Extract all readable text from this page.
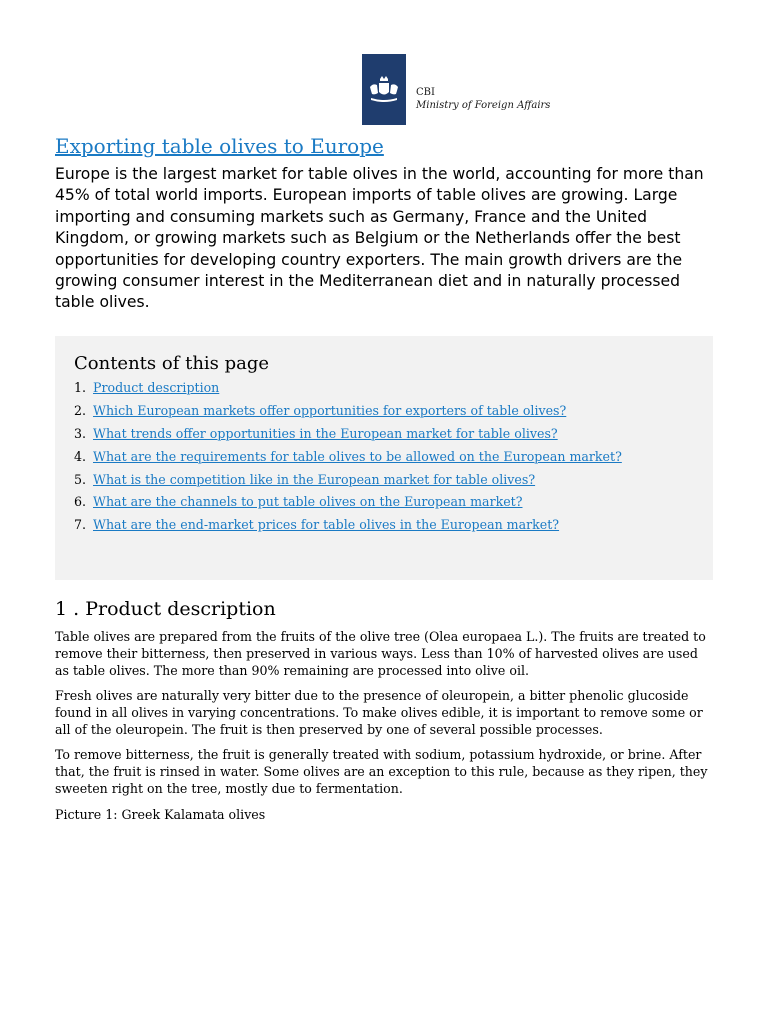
CBI
Ministry of Foreign Affairs
Exporting table olives to Europe

Europe is the largest market for table olives in the world, accounting for more than 45% of total world imports. European imports of table olives are growing. Large importing and consuming markets such as Germany, France and the United Kingdom, or growing markets such as Belgium or the Netherlands offer the best opportunities for developing country exporters. The main growth drivers are the growing consumer interest in the Mediterranean diet and in naturally processed table olives.

Contents of this page
1. Product description
2. Which European markets offer opportunities for exporters of table olives?
3. What trends offer opportunities in the European market for table olives?
4. What are the requirements for table olives to be allowed on the European market?
5. What is the competition like in the European market for table olives?
6. What are the channels to put table olives on the European market?
7. What are the end-market prices for table olives in the European market?
1 . Product description

Table olives are prepared from the fruits of the olive tree (Olea europaea L.). The fruits are treated to remove their bitterness, then preserved in various ways. Less than 10% of harvested olives are used as table olives. The more than 90% remaining are processed into olive oil.

Fresh olives are naturally very bitter due to the presence of oleuropein, a bitter phenolic glucoside found in all olives in varying concentrations. To make olives edible, it is important to remove some or all of the oleuropein. The fruit is then preserved by one of several possible processes.

To remove bitterness, the fruit is generally treated with sodium, potassium hydroxide, or brine. After that, the fruit is rinsed in water. Some olives are an exception to this rule, because as they ripen, they sweeten right on the tree, mostly due to fermentation.

Picture 1: Greek Kalamata olives
